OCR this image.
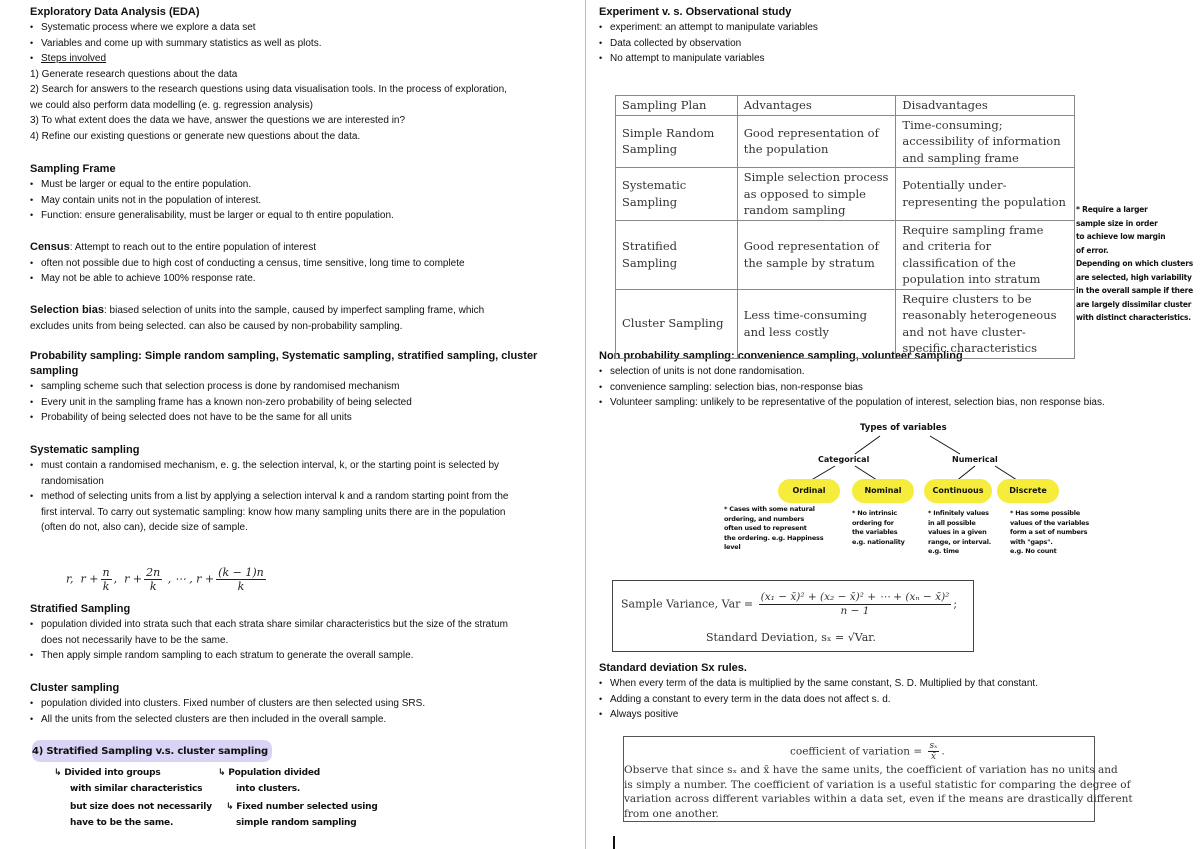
Exploratory Data Analysis (EDA)
• Systematic process where we explore a data set
• Variables and come up with summary statistics as well as plots.
• Steps involved
1) Generate research questions about the data
2) Search for answers to the research questions using data visualisation tools. In the process of exploration,
we could also perform data modelling (e. g. regression analysis)
3) To what extent does the data we have, answer the questions we are interested in?
4) Refine our existing questions or generate new questions about the data.
Sampling Frame
• Must be larger or equal to the entire population.
• May contain units not in the population of interest.
• Function: ensure generalisability, must be larger or equal to th entire population.
Census: Attempt to reach out to the entire population of interest
• often not possible due to high cost of conducting a census, time sensitive, long time to complete
• May not be able to achieve 100% response rate.
Selection bias: biased selection of units into the sample, caused by imperfect sampling frame, which
excludes units from being selected. can also be caused by non-probability sampling.
Probability sampling: Simple random sampling, Systematic sampling, stratified sampling, cluster
sampling
• sampling scheme such that selection process is done by randomised mechanism
• Every unit in the sampling frame has a known non-zero probability of being selected
• Probability of being selected does not have to be the same for all units
Systematic sampling
• must contain a randomised mechanism, e. g. the selection interval, k, or the starting point is selected by
randomisation
• method of selecting units from a list by applying a selection interval k and a random starting point from the
first interval. To carry out systematic sampling: know how many sampling units there are in the population
(often do not, also can), decide size of sample.
r, $r + \frac{n}{k}$ , $r + \frac{2n}{k}$ , ⋯ , $r + \frac{(k - 1)n}{k}$
Stratified Sampling
• population divided into strata such that each strata share similar characteristics but the size of the stratum
does not necessarily have to be the same.
• Then apply simple random sampling to each stratum to generate the overall sample.
Cluster sampling
• population divided into clusters. Fixed number of clusters are then selected using SRS.
• All the units from the selected clusters are then included in the overall sample.
4) Stratified Sampling v.s. cluster sampling
↳ Divided into groups
with similar characteristics
but size does not necessarily
have to be the same.
↳ Population divided
into clusters.
↳ Fixed number selected using
simple random sampling
Experiment v. s. Observational study
• experiment: an attempt to manipulate variables
• Data collected by observation
• No attempt to manipulate variables
Non probability sampling: convenience sampling, volunteer sampling
• selection of units is not done randomisation.
• convenience sampling: selection bias, non-response bias
• Volunteer sampling: unlikely to be representative of the population of interest, selection bias, non response bias.
Standard deviation Sx rules.
• When every term of the data is multiplied by the same constant, S. D. Multiplied by that constant.
• Adding a constant to every term in the data does not affect s. d.
• Always positive
Sampling Plan	Advantages	Disadvantages
Simple Random Sampling	Good representation of the population	Time-consuming; accessibility of information and sampling frame
Systematic Sampling	Simple selection process as opposed to simple random sampling	Potentially under-representing the population
Stratified Sampling	Good representation of the sample by stratum	Require sampling frame and criteria for classification of the population into stratum
Cluster Sampling	Less time-consuming and less costly	Require clusters to be reasonably heterogeneous and not have cluster-specific characteristics
* Require a larger
sample size in order
to achieve low margin
of error.
Depending on which clusters
are selected, high variability
in the overall sample if there
are largely dissimilar cluster
with distinct characteristics.
Types of variables
Categorical	Numerical
Ordinal	Nominal	Continuous	Discrete
* Cases with some natural
ordering, and numbers
often used to represent
the ordering. e.g. Happiness
level
* No intrinsic
ordering for
the variables
e.g. nationality
* Infinitely values
in all possible
values in a given
range, or interval.
e.g. time
* Has some possible
values of the variables
form a set of numbers
with "gaps".
e.g. No count
Sample Variance, Var = $\frac{\text{(x₁ − x̄)² + (x₂ − x̄)² + ⋯ + (xₙ − x̄)²}}{n - 1}$ ;
Standard Deviation, sₓ = √Var.
coefficient of variation = $\frac{\text{sₓ}}{x̄}$ .
Observe that since sₓ and x̄ have the same units, the coefficient of variation has no units and
is simply a number. The coefficient of variation is a useful statistic for comparing the degree of
variation across different variables within a data set, even if the means are drastically different
from one another.
